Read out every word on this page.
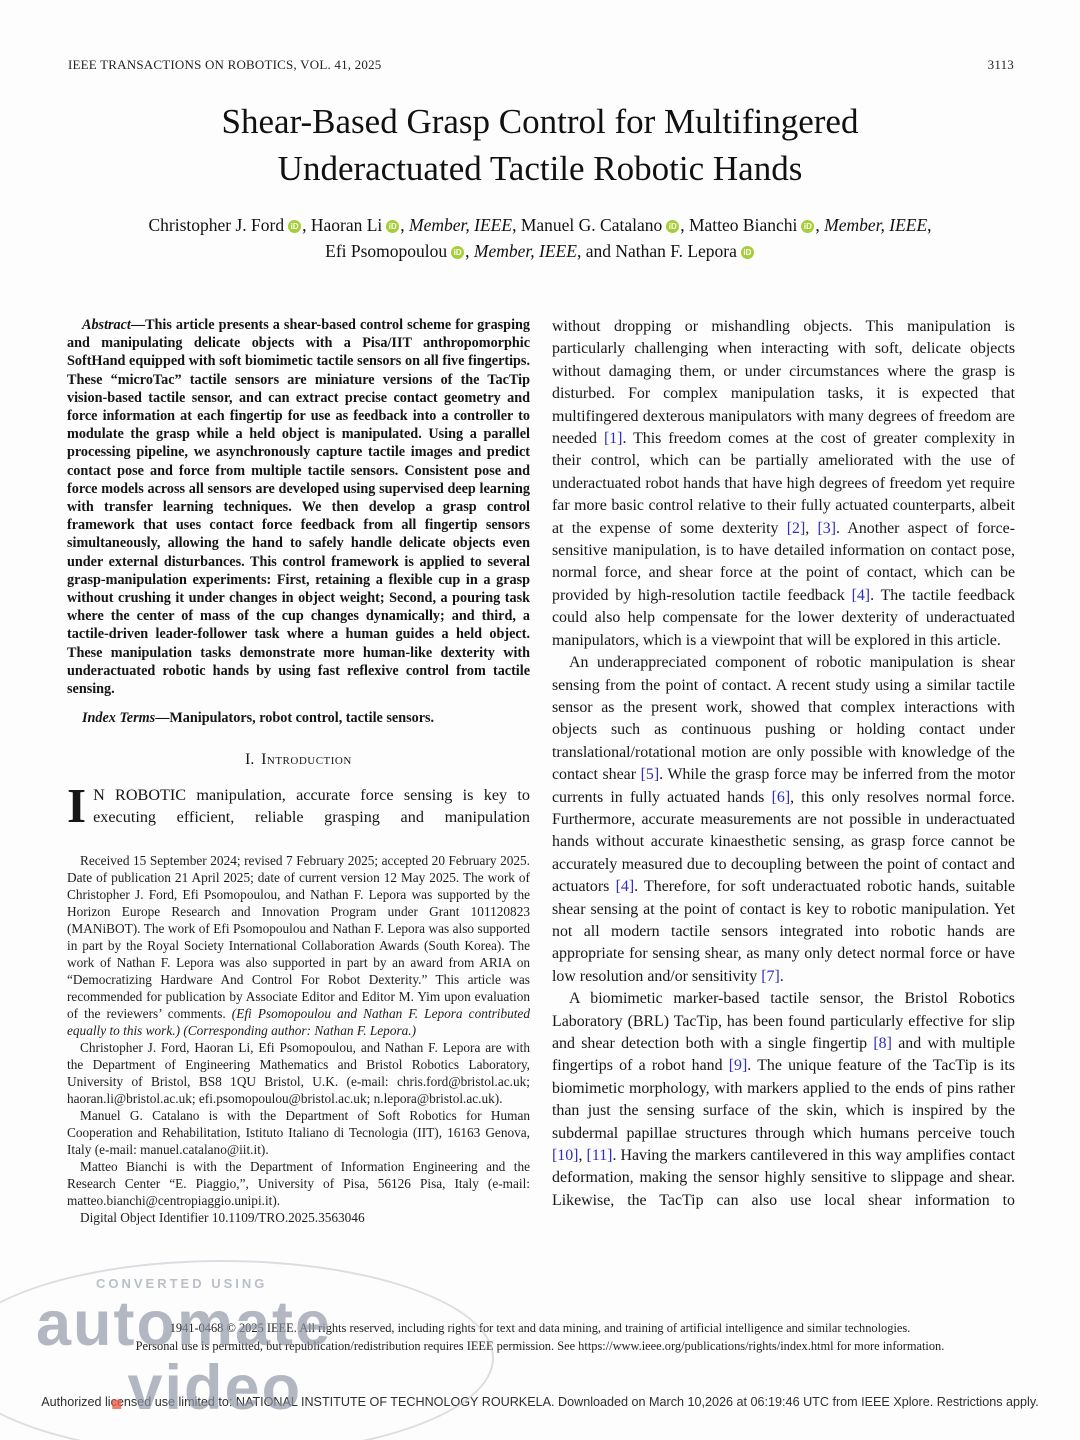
IEEE TRANSACTIONS ON ROBOTICS, VOL. 41, 2025	3113
Shear-Based Grasp Control for Multifingered
Underactuated Tactile Robotic Hands
Christopher J. Ford iD , Haoran Li iD , Member, IEEE, Manuel G. Catalano iD , Matteo Bianchi iD , Member, IEEE,
Efi Psomopoulou iD , Member, IEEE, and Nathan F. Lepora iD

Abstract—This article presents a shear-based control scheme for grasping and manipulating delicate objects with a Pisa/IIT anthropomorphic SoftHand equipped with soft biomimetic tactile sensors on all five fingertips. These “microTac” tactile sensors are miniature versions of the TacTip vision-based tactile sensor, and can extract precise contact geometry and force information at each fingertip for use as feedback into a controller to modulate the grasp while a held object is manipulated. Using a parallel processing pipeline, we asynchronously capture tactile images and predict contact pose and force from multiple tactile sensors. Consistent pose and force models across all sensors are developed using supervised deep learning with transfer learning techniques. We then develop a grasp control framework that uses contact force feedback from all fingertip sensors simultaneously, allowing the hand to safely handle delicate objects even under external disturbances. This control framework is applied to several grasp-manipulation experiments: First, retaining a flexible cup in a grasp without crushing it under changes in object weight; Second, a pouring task where the center of mass of the cup changes dynamically; and third, a tactile-driven leader-follower task where a human guides a held object. These manipulation tasks demonstrate more human-like dexterity with underactuated robotic hands by using fast reflexive control from tactile sensing.

Index Terms—Manipulators, robot control, tactile sensors.

I. Introduction

I N ROBOTIC manipulation, accurate force sensing is key to executing efficient, reliable grasping and manipulation

Received 15 September 2024; revised 7 February 2025; accepted 20 February 2025. Date of publication 21 April 2025; date of current version 12 May 2025. The work of Christopher J. Ford, Efi Psomopoulou, and Nathan F. Lepora was supported by the Horizon Europe Research and Innovation Program under Grant 101120823 (MANiBOT). The work of Efi Psomopoulou and Nathan F. Lepora was also supported in part by the Royal Society International Collaboration Awards (South Korea). The work of Nathan F. Lepora was also supported in part by an award from ARIA on “Democratizing Hardware And Control For Robot Dexterity.” This article was recommended for publication by Associate Editor and Editor M. Yim upon evaluation of the reviewers’ comments. (Efi Psomopoulou and Nathan F. Lepora contributed equally to this work.) (Corresponding author: Nathan F. Lepora.)

Christopher J. Ford, Haoran Li, Efi Psomopoulou, and Nathan F. Lepora are with the Department of Engineering Mathematics and Bristol Robotics Laboratory, University of Bristol, BS8 1QU Bristol, U.K. (e-mail: chris.ford@bristol.ac.uk; haoran.li@bristol.ac.uk; efi.psomopoulou@bristol.ac.uk; n.lepora@bristol.ac.uk).

Manuel G. Catalano is with the Department of Soft Robotics for Human Cooperation and Rehabilitation, Istituto Italiano di Tecnologia (IIT), 16163 Genova, Italy (e-mail: manuel.catalano@iit.it).

Matteo Bianchi is with the Department of Information Engineering and the Research Center “E. Piaggio,”, University of Pisa, 56126 Pisa, Italy (e-mail: matteo.bianchi@centropiaggio.unipi.it).

Digital Object Identifier 10.1109/TRO.2025.3563046

without dropping or mishandling objects. This manipulation is particularly challenging when interacting with soft, delicate objects without damaging them, or under circumstances where the grasp is disturbed. For complex manipulation tasks, it is expected that multifingered dexterous manipulators with many degrees of freedom are needed [1]. This freedom comes at the cost of greater complexity in their control, which can be partially ameliorated with the use of underactuated robot hands that have high degrees of freedom yet require far more basic control relative to their fully actuated counterparts, albeit at the expense of some dexterity [2], [3]. Another aspect of force-sensitive manipulation, is to have detailed information on contact pose, normal force, and shear force at the point of contact, which can be provided by high-resolution tactile feedback [4]. The tactile feedback could also help compensate for the lower dexterity of underactuated manipulators, which is a viewpoint that will be explored in this article.

An underappreciated component of robotic manipulation is shear sensing from the point of contact. A recent study using a similar tactile sensor as the present work, showed that complex interactions with objects such as continuous pushing or holding contact under translational/rotational motion are only possible with knowledge of the contact shear [5]. While the grasp force may be inferred from the motor currents in fully actuated hands [6], this only resolves normal force. Furthermore, accurate measurements are not possible in underactuated hands without accurate kinaesthetic sensing, as grasp force cannot be accurately measured due to decoupling between the point of contact and actuators [4]. Therefore, for soft underactuated robotic hands, suitable shear sensing at the point of contact is key to robotic manipulation. Yet not all modern tactile sensors integrated into robotic hands are appropriate for sensing shear, as many only detect normal force or have low resolution and/or sensitivity [7].

A biomimetic marker-based tactile sensor, the Bristol Robotics Laboratory (BRL) TacTip, has been found particularly effective for slip and shear detection both with a single fingertip [8] and with multiple fingertips of a robot hand [9]. The unique feature of the TacTip is its biomimetic morphology, with markers applied to the ends of pins rather than just the sensing surface of the skin, which is inspired by the subdermal papillae structures through which humans perceive touch [10], [11]. Having the markers cantilevered in this way amplifies contact deformation, making the sensor highly sensitive to slippage and shear. Likewise, the TacTip can also use local shear information to

1941-0468 © 2025 IEEE. All rights reserved, including rights for text and data mining, and training of artificial intelligence and similar technologies.
Personal use is permitted, but republication/redistribution requires IEEE permission. See https://www.ieee.org/publications/rights/index.html for more information.
Authorized licensed use limited to: NATIONAL INSTITUTE OF TECHNOLOGY ROURKELA. Downloaded on March 10,2026 at 06:19:46 UTC from IEEE Xplore. Restrictions apply.
CONVERTED USING
automate
.video
